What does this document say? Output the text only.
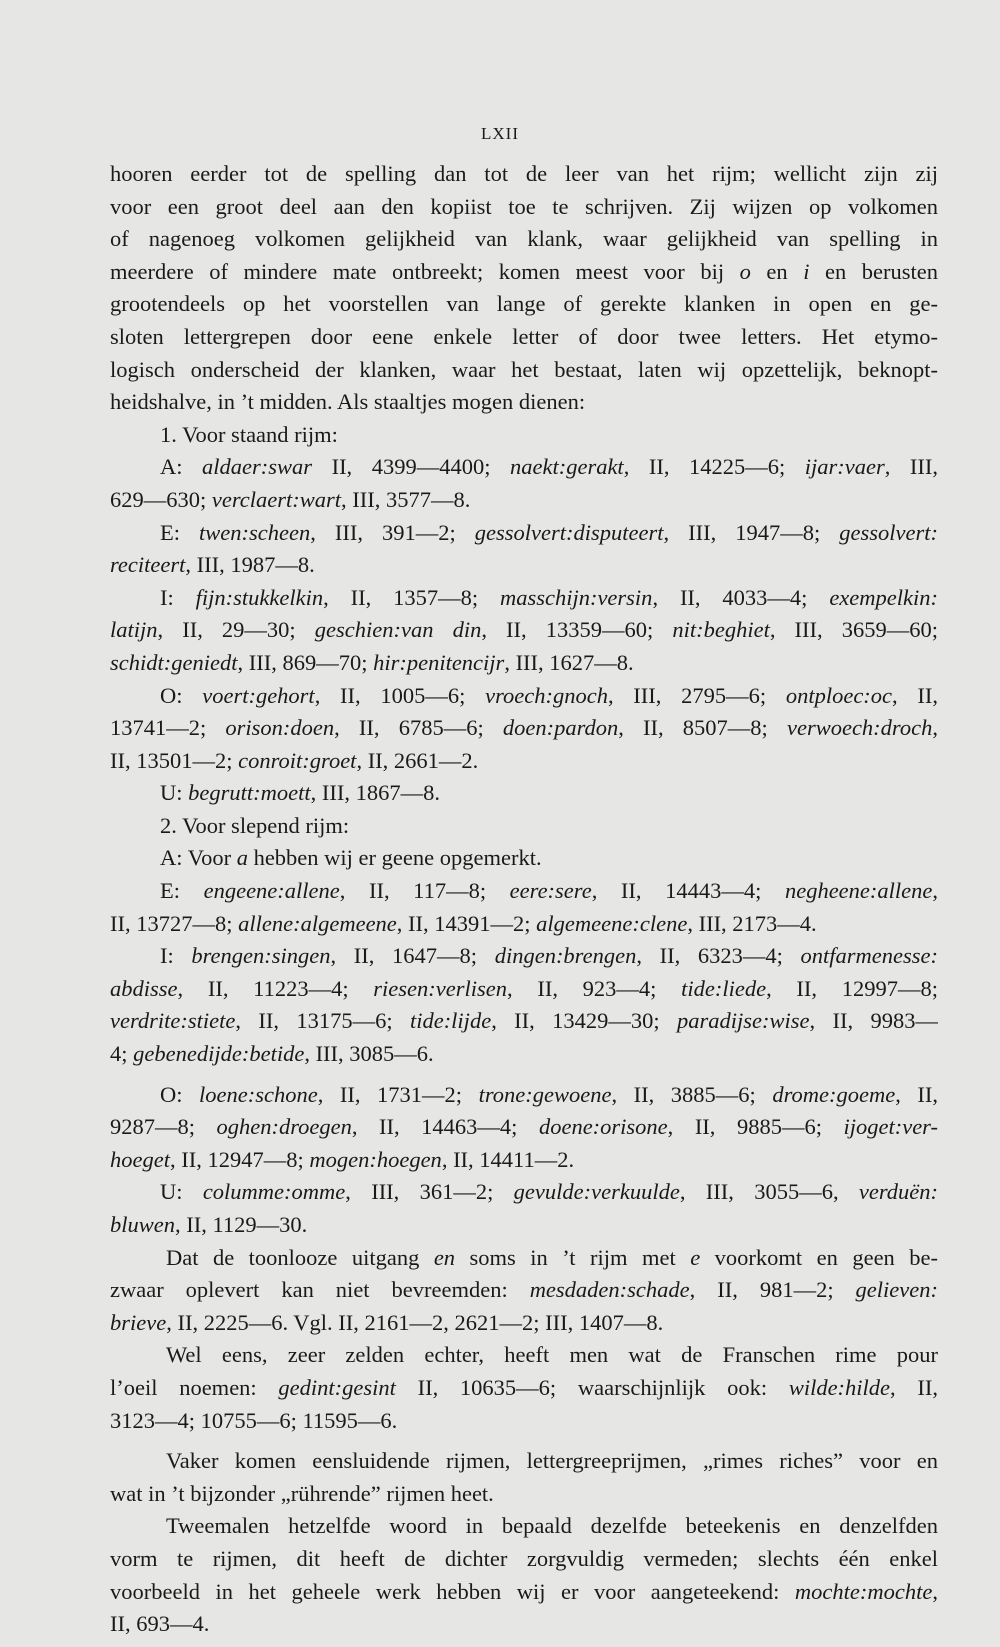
LXII
hooren eerder tot de spelling dan tot de leer van het rijm; wellicht zijn zij
voor een groot deel aan den kopiist toe te schrijven. Zij wijzen op volkomen
of nagenoeg volkomen gelijkheid van klank, waar gelijkheid van spelling in
meerdere of mindere mate ontbreekt; komen meest voor bij o en i en berusten
grootendeels op het voorstellen van lange of gerekte klanken in open en ge-
sloten lettergrepen door eene enkele letter of door twee letters. Het etymo-
logisch onderscheid der klanken, waar het bestaat, laten wij opzettelijk, beknopt-
heidshalve, in ’t midden. Als staaltjes mogen dienen:
1. Voor staand rijm:
A: aldaer:swar II, 4399—4400; naekt:gerakt, II, 14225—6; ijar:vaer, III,
629—630; verclaert:wart, III, 3577—8.
E: twen:scheen, III, 391—2; gessolvert:disputeert, III, 1947—8; gessolvert:
reciteert, III, 1987—8.
I: fijn:stukkelkin, II, 1357—8; masschijn:versin, II, 4033—4; exempelkin:
latijn, II, 29—30; geschien:van din, II, 13359—60; nit:beghiet, III, 3659—60;
schidt:geniedt, III, 869—70; hir:penitencijr, III, 1627—8.
O: voert:gehort, II, 1005—6; vroech:gnoch, III, 2795—6; ontploec:oc, II,
13741—2; orison:doen, II, 6785—6; doen:pardon, II, 8507—8; verwoech:droch,
II, 13501—2; conroit:groet, II, 2661—2.
U: begrutt:moett, III, 1867—8.
2. Voor slepend rijm:
A: Voor a hebben wij er geene opgemerkt.
E: engeene:allene, II, 117—8; eere:sere, II, 14443—4; negheene:allene,
II, 13727—8; allene:algemeene, II, 14391—2; algemeene:clene, III, 2173—4.
I: brengen:singen, II, 1647—8; dingen:brengen, II, 6323—4; ontfarmenesse:
abdisse, II, 11223—4; riesen:verlisen, II, 923—4; tide:liede, II, 12997—8;
verdrite:stiete, II, 13175—6; tide:lijde, II, 13429—30; paradijse:wise, II, 9983—
4; gebenedijde:betide, III, 3085—6.
O: loene:schone, II, 1731—2; trone:gewoene, II, 3885—6; drome:goeme, II,
9287—8; oghen:droegen, II, 14463—4; doene:orisone, II, 9885—6; ijoget:ver-
hoeget, II, 12947—8; mogen:hoegen, II, 14411—2.
U: columme:omme, III, 361—2; gevulde:verkuulde, III, 3055—6, verduën:
bluwen, II, 1129—30.
Dat de toonlooze uitgang en soms in ’t rijm met e voorkomt en geen be-
zwaar oplevert kan niet bevreemden: mesdaden:schade, II, 981—2; gelieven:
brieve, II, 2225—6. Vgl. II, 2161—2, 2621—2; III, 1407—8.
Wel eens, zeer zelden echter, heeft men wat de Franschen rime pour
l’oeil noemen: gedint:gesint II, 10635—6; waarschijnlijk ook: wilde:hilde, II,
3123—4; 10755—6; 11595—6.
Vaker komen eensluidende rijmen, lettergreeprijmen, „rimes riches” voor en
wat in ’t bijzonder „rührende” rijmen heet.
Tweemalen hetzelfde woord in bepaald dezelfde beteekenis en denzelfden
vorm te rijmen, dit heeft de dichter zorgvuldig vermeden; slechts één enkel
voorbeeld in het geheele werk hebben wij er voor aangeteekend: mochte:mochte,
II, 693—4.
